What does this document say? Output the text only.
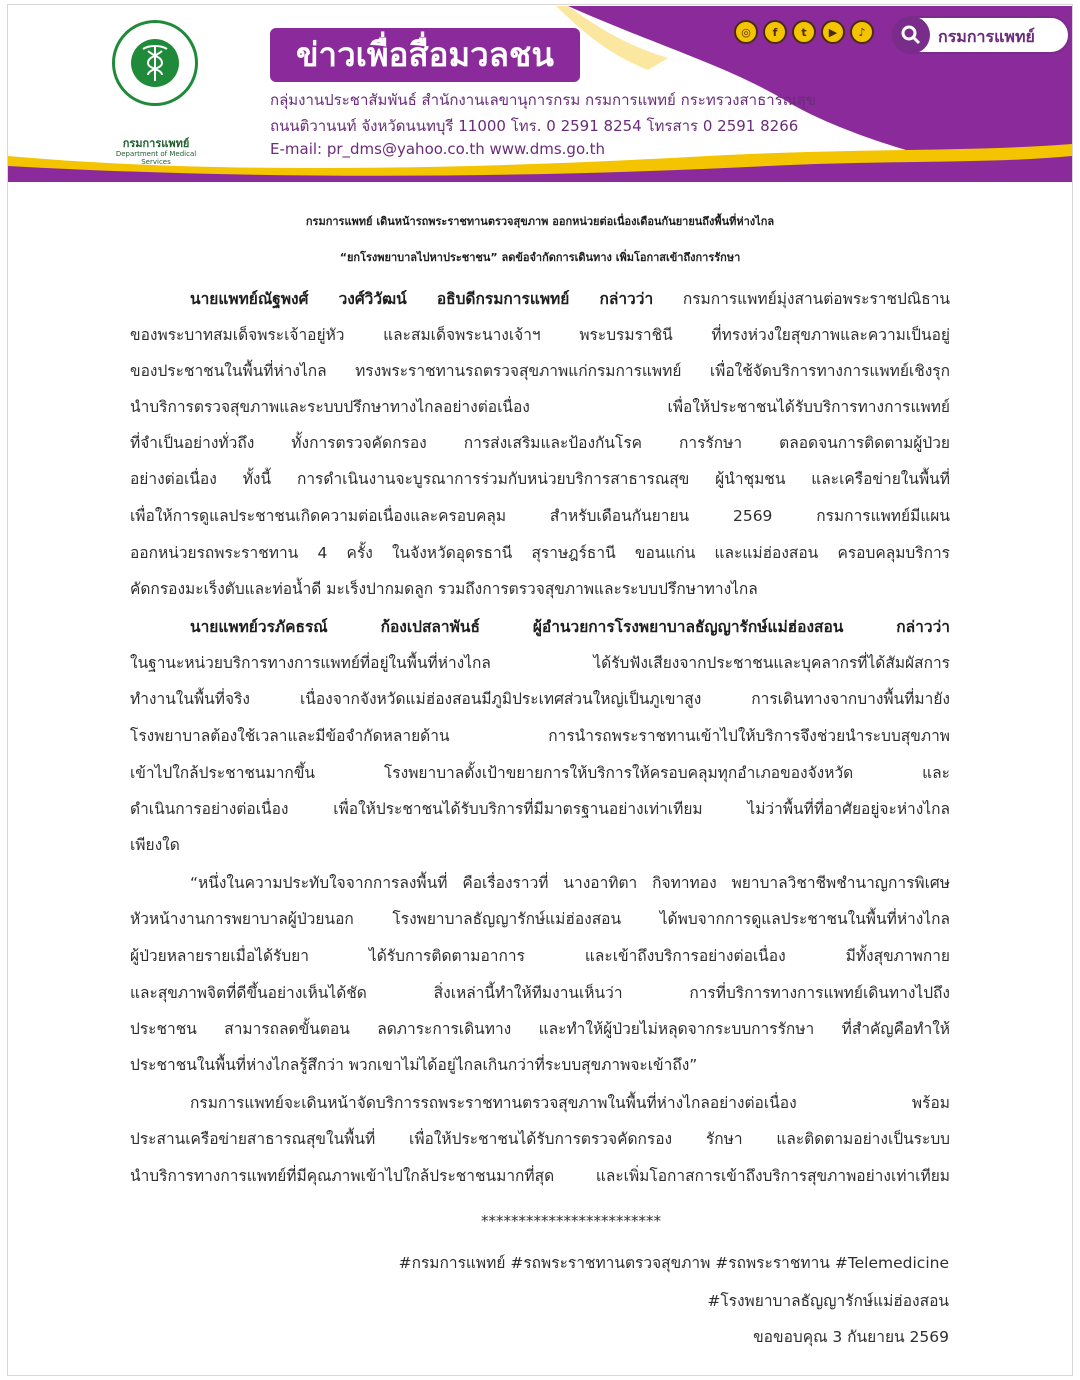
กรมการแพทย์
Department of Medical Services
ข่าวเพื่อสื่อมวลชน
กลุ่มงานประชาสัมพันธ์ สำนักงานเลขานุการกรม กรมการแพทย์ กระทรวงสาธารณสุข
ถนนติวานนท์ จังหวัดนนทบุรี 11000 โทร. 0 2591 8254 โทรสาร 0 2591 8266
E-mail: pr_dms@yahoo.co.th www.dms.go.th
◎	f	t	▶	♪	กรมการแพทย์
กรมการแพทย์ เดินหน้ารถพระราชทานตรวจสุขภาพ ออกหน่วยต่อเนื่องเดือนกันยายนถึงพื้นที่ห่างไกล
“ยกโรงพยาบาลไปหาประชาชน” ลดข้อจำกัดการเดินทาง เพิ่มโอกาสเข้าถึงการรักษา
นายแพทย์ณัฐพงศ์ วงศ์วิวัฒน์ อธิบดีกรมการแพทย์ กล่าวว่า กรมการแพทย์มุ่งสานต่อพระราชปณิธาน
ของพระบาทสมเด็จพระเจ้าอยู่หัว และสมเด็จพระนางเจ้าฯ พระบรมราชินี ที่ทรงห่วงใยสุขภาพและความเป็นอยู่
ของประชาชนในพื้นที่ห่างไกล ทรงพระราชทานรถตรวจสุขภาพแก่กรมการแพทย์ เพื่อใช้จัดบริการทางการแพทย์เชิงรุก
นำบริการตรวจสุขภาพและระบบปรึกษาทางไกลอย่างต่อเนื่อง เพื่อให้ประชาชนได้รับบริการทางการแพทย์
ที่จำเป็นอย่างทั่วถึง ทั้งการตรวจคัดกรอง การส่งเสริมและป้องกันโรค การรักษา ตลอดจนการติดตามผู้ป่วย
อย่างต่อเนื่อง ทั้งนี้ การดำเนินงานจะบูรณาการร่วมกับหน่วยบริการสาธารณสุข ผู้นำชุมชน และเครือข่ายในพื้นที่
เพื่อให้การดูแลประชาชนเกิดความต่อเนื่องและครอบคลุม สำหรับเดือนกันยายน 2569 กรมการแพทย์มีแผน
ออกหน่วยรถพระราชทาน 4 ครั้ง ในจังหวัดอุดรธานี สุราษฎร์ธานี ขอนแก่น และแม่ฮ่องสอน ครอบคลุมบริการ
คัดกรองมะเร็งตับและท่อน้ำดี มะเร็งปากมดลูก รวมถึงการตรวจสุขภาพและระบบปรึกษาทางไกล
นายแพทย์วรภัคธรณ์ ก้องเปสลาพันธ์ ผู้อำนวยการโรงพยาบาลธัญญารักษ์แม่ฮ่องสอน กล่าวว่า
ในฐานะหน่วยบริการทางการแพทย์ที่อยู่ในพื้นที่ห่างไกล ได้รับฟังเสียงจากประชาชนและบุคลากรที่ได้สัมผัสการ
ทำงานในพื้นที่จริง เนื่องจากจังหวัดแม่ฮ่องสอนมีภูมิประเทศส่วนใหญ่เป็นภูเขาสูง การเดินทางจากบางพื้นที่มายัง
โรงพยาบาลต้องใช้เวลาและมีข้อจำกัดหลายด้าน การนำรถพระราชทานเข้าไปให้บริการจึงช่วยนำระบบสุขภาพ
เข้าไปใกล้ประชาชนมากขึ้น โรงพยาบาลตั้งเป้าขยายการให้บริการให้ครอบคลุมทุกอำเภอของจังหวัด และ
ดำเนินการอย่างต่อเนื่อง เพื่อให้ประชาชนได้รับบริการที่มีมาตรฐานอย่างเท่าเทียม ไม่ว่าพื้นที่ที่อาศัยอยู่จะห่างไกล
เพียงใด
“หนึ่งในความประทับใจจากการลงพื้นที่ คือเรื่องราวที่ นางอาทิตา กิจทาทอง พยาบาลวิชาชีพชำนาญการพิเศษ
หัวหน้างานการพยาบาลผู้ป่วยนอก โรงพยาบาลธัญญารักษ์แม่ฮ่องสอน ได้พบจากการดูแลประชาชนในพื้นที่ห่างไกล
ผู้ป่วยหลายรายเมื่อได้รับยา ได้รับการติดตามอาการ และเข้าถึงบริการอย่างต่อเนื่อง มีทั้งสุขภาพกาย
และสุขภาพจิตที่ดีขึ้นอย่างเห็นได้ชัด สิ่งเหล่านี้ทำให้ทีมงานเห็นว่า การที่บริการทางการแพทย์เดินทางไปถึง
ประชาชน สามารถลดขั้นตอน ลดภาระการเดินทาง และทำให้ผู้ป่วยไม่หลุดจากระบบการรักษา ที่สำคัญคือทำให้
ประชาชนในพื้นที่ห่างไกลรู้สึกว่า พวกเขาไม่ได้อยู่ไกลเกินกว่าที่ระบบสุขภาพจะเข้าถึง”
กรมการแพทย์จะเดินหน้าจัดบริการรถพระราชทานตรวจสุขภาพในพื้นที่ห่างไกลอย่างต่อเนื่อง พร้อม
ประสานเครือข่ายสาธารณสุขในพื้นที่ เพื่อให้ประชาชนได้รับการตรวจคัดกรอง รักษา และติดตามอย่างเป็นระบบ
นำบริการทางการแพทย์ที่มีคุณภาพเข้าไปใกล้ประชาชนมากที่สุด และเพิ่มโอกาสการเข้าถึงบริการสุขภาพอย่างเท่าเทียม
************************
#กรมการแพทย์ #รถพระราชทานตรวจสุขภาพ #รถพระราชทาน #Telemedicine
#โรงพยาบาลธัญญารักษ์แม่ฮ่องสอน
ขอขอบคุณ 3 กันยายน 2569
